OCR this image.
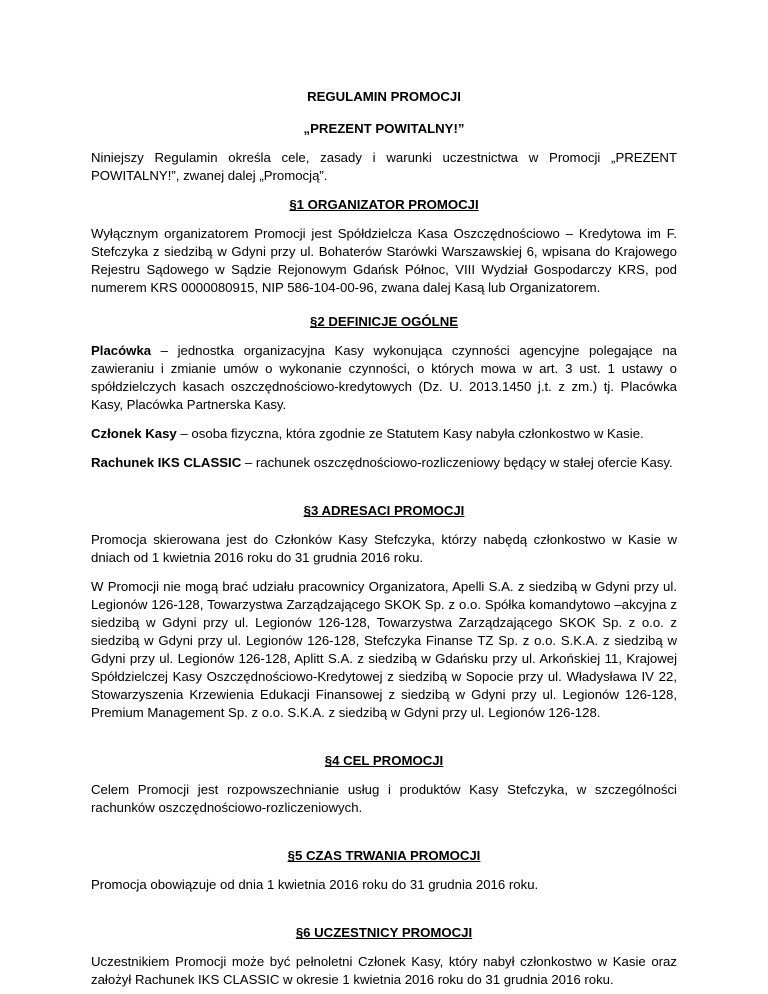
REGULAMIN PROMOCJI

„PREZENT POWITALNY!”

Niniejszy Regulamin określa cele, zasady i warunki uczestnictwa w Promocji „PREZENT POWITALNY!”, zwanej dalej „Promocją”.

§1 ORGANIZATOR PROMOCJI

Wyłącznym organizatorem Promocji jest Spółdzielcza Kasa Oszczędnościowo – Kredytowa im F. Stefczyka z siedzibą w Gdyni przy ul. Bohaterów Starówki Warszawskiej 6, wpisana do Krajowego Rejestru Sądowego w Sądzie Rejonowym Gdańsk Północ, VIII Wydział Gospodarczy KRS, pod numerem KRS 0000080915, NIP 586-104-00-96, zwana dalej Kasą lub Organizatorem.

§2 DEFINICJE OGÓLNE

Placówka – jednostka organizacyjna Kasy wykonująca czynności agencyjne polegające na zawieraniu i zmianie umów o wykonanie czynności, o których mowa w art. 3 ust. 1 ustawy o spółdzielczych kasach oszczędnościowo-kredytowych (Dz. U. 2013.1450 j.t. z zm.) tj. Placówka Kasy, Placówka Partnerska Kasy.

Członek Kasy – osoba fizyczna, która zgodnie ze Statutem Kasy nabyła członkostwo w Kasie.

Rachunek IKS CLASSIC – rachunek oszczędnościowo-rozliczeniowy będący w stałej ofercie Kasy.

§3 ADRESACI PROMOCJI

Promocja skierowana jest do Członków Kasy Stefczyka, którzy nabędą członkostwo w Kasie w dniach od 1 kwietnia 2016 roku do 31 grudnia 2016 roku.

W Promocji nie mogą brać udziału pracownicy Organizatora, Apelli S.A. z siedzibą w Gdyni przy ul. Legionów 126-128, Towarzystwa Zarządzającego SKOK Sp. z o.o. Spółka komandytowo –akcyjna z siedzibą w Gdyni przy ul. Legionów 126-128, Towarzystwa Zarządzającego SKOK Sp. z o.o. z siedzibą w Gdyni przy ul. Legionów 126-128, Stefczyka Finanse TZ Sp. z o.o. S.K.A. z siedzibą w Gdyni przy ul. Legionów 126-128, Aplitt S.A. z siedzibą w Gdańsku przy ul. Arkońskiej 11, Krajowej Spółdzielczej Kasy Oszczędnościowo-Kredytowej z siedzibą w Sopocie przy ul. Władysława IV 22, Stowarzyszenia Krzewienia Edukacji Finansowej z siedzibą w Gdyni przy ul. Legionów 126-128, Premium Management Sp. z o.o. S.K.A. z siedzibą w Gdyni przy ul. Legionów 126-128.

§4 CEL PROMOCJI

Celem Promocji jest rozpowszechnianie usług i produktów Kasy Stefczyka, w szczególności rachunków oszczędnościowo-rozliczeniowych.

§5 CZAS TRWANIA PROMOCJI

Promocja obowiązuje od dnia 1 kwietnia 2016 roku do 31 grudnia 2016 roku.

§6 UCZESTNICY PROMOCJI

Uczestnikiem Promocji może być pełnoletni Członek Kasy, który nabył członkostwo w Kasie oraz założył Rachunek IKS CLASSIC w okresie 1 kwietnia 2016 roku do 31 grudnia 2016 roku.
